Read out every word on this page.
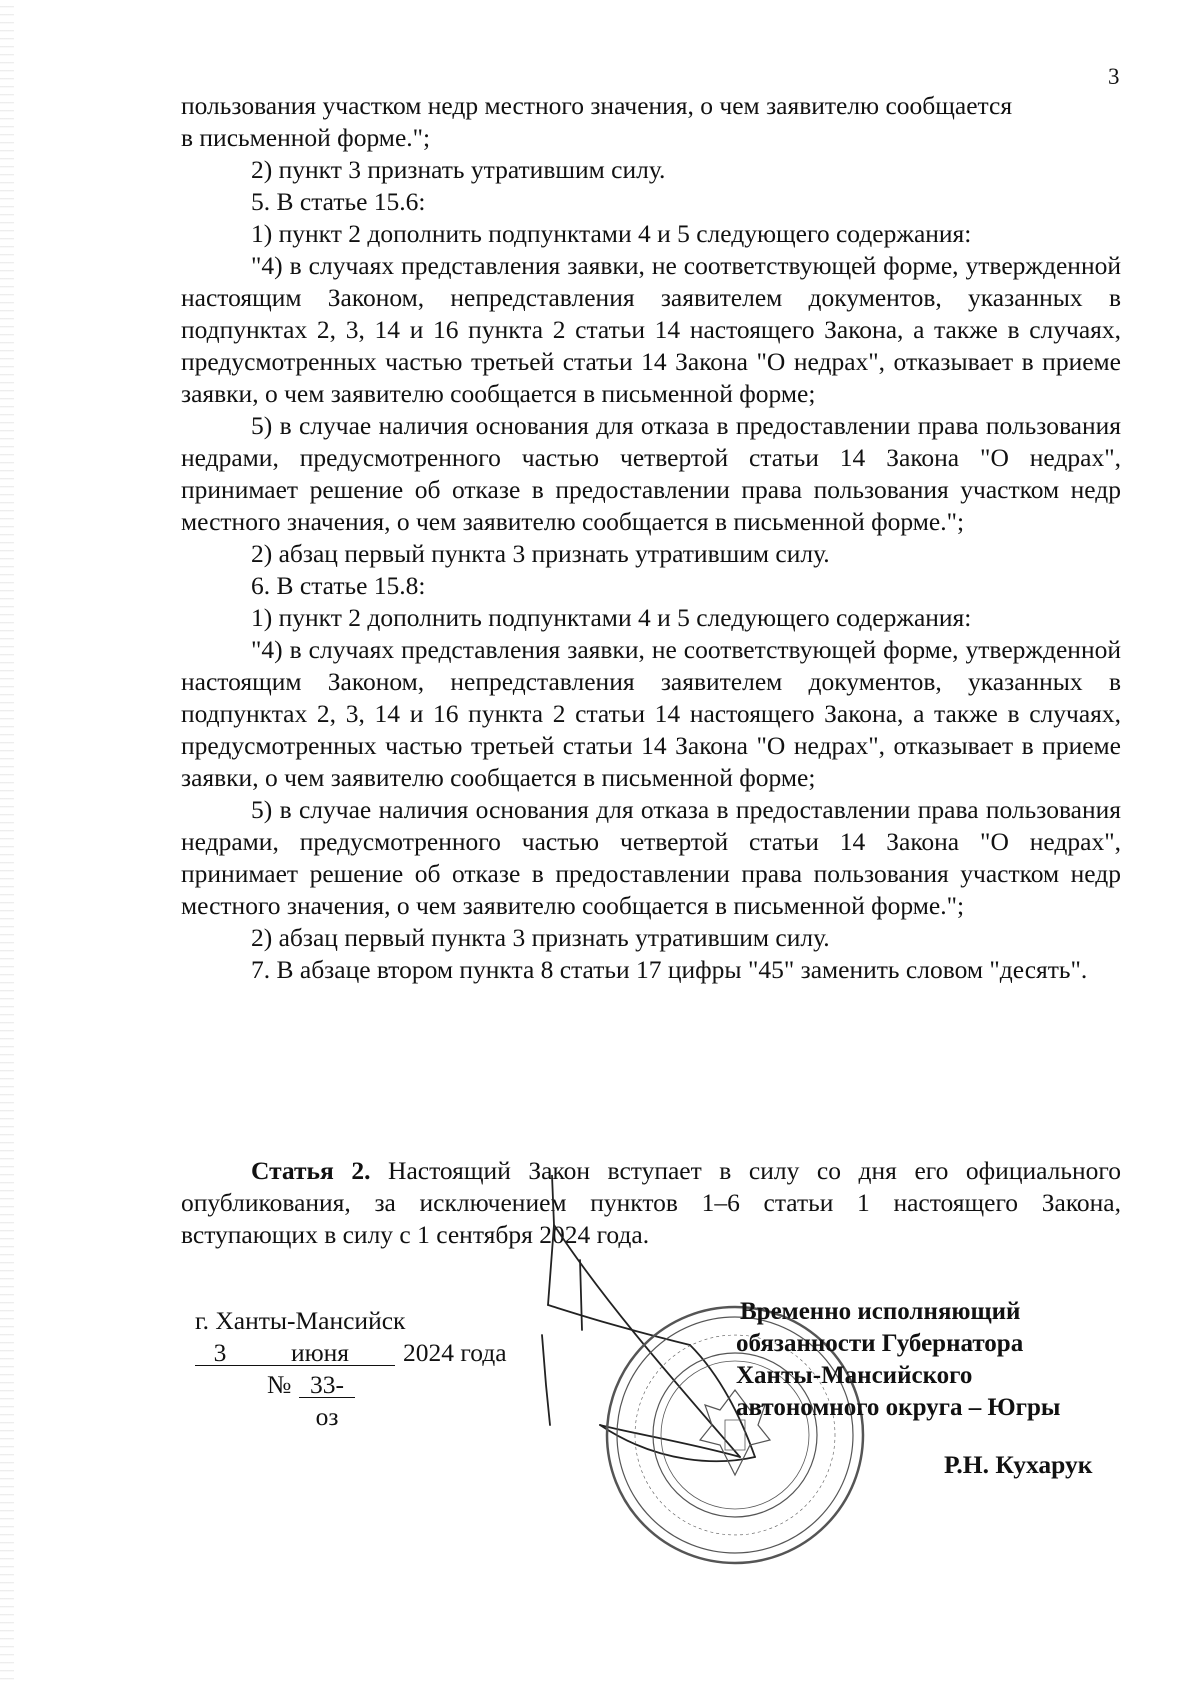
3

пользования участком недр местного значения, о чем заявителю сообщается

в письменной форме.";

2) пункт 3 признать утратившим силу.

5. В статье 15.6:

1) пункт 2 дополнить подпунктами 4 и 5 следующего содержания:

"4) в случаях представления заявки, не соответствующей форме, утвержденной настоящим Законом, непредставления заявителем документов, указанных в подпунктах 2, 3, 14 и 16 пункта 2 статьи 14 настоящего Закона, а также в случаях, предусмотренных частью третьей статьи 14 Закона "О недрах", отказывает в приеме заявки, о чем заявителю сообщается в письменной форме;

5) в случае наличия основания для отказа в предоставлении права пользования недрами, предусмотренного частью четвертой статьи 14 Закона "О недрах", принимает решение об отказе в предоставлении права пользования участком недр местного значения, о чем заявителю сообщается в письменной форме.";

2) абзац первый пункта 3 признать утратившим силу.

6. В статье 15.8:

1) пункт 2 дополнить подпунктами 4 и 5 следующего содержания:

"4) в случаях представления заявки, не соответствующей форме, утвержденной настоящим Законом, непредставления заявителем документов, указанных в подпунктах 2, 3, 14 и 16 пункта 2 статьи 14 настоящего Закона, а также в случаях, предусмотренных частью третьей статьи 14 Закона "О недрах", отказывает в приеме заявки, о чем заявителю сообщается в письменной форме;

5) в случае наличия основания для отказа в предоставлении права пользования недрами, предусмотренного частью четвертой статьи 14 Закона "О недрах", принимает решение об отказе в предоставлении права пользования участком недр местного значения, о чем заявителю сообщается в письменной форме.";

2) абзац первый пункта 3 признать утратившим силу.

7. В абзаце втором пункта 8 статьи 17 цифры "45" заменить словом "десять".

Статья 2. Настоящий Закон вступает в силу со дня его официального опубликования, за исключением пунктов 1–6 статьи 1 настоящего Закона, вступающих в силу с 1 сентября 2024 года.

г. Ханты-Мансийск
3	июня	2024 года
№ 33-оз
Временно исполняющий
обязанности Губернатора
Ханты-Мансийского
автономного округа – Югры
Р.Н. Кухарук
